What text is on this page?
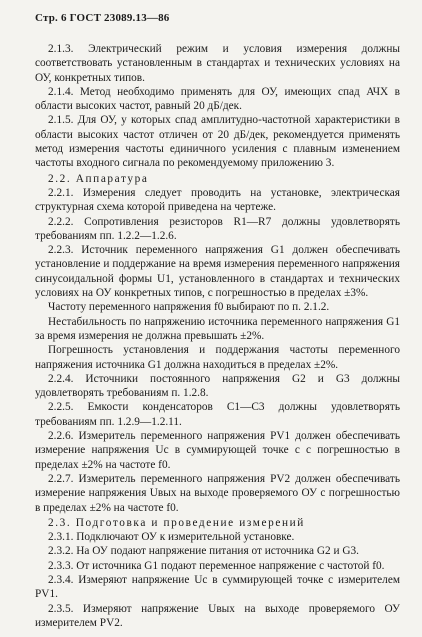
Стр. 6 ГОСТ 23089.13—86

2.1.3. Электрический режим и условия измерения должны соответствовать установленным в стандартах и технических условиях на ОУ, конкретных типов.

2.1.4. Метод необходимо применять для ОУ, имеющих спад АЧХ в области высоких частот, равный 20 дБ/дек.

2.1.5. Для ОУ, у которых спад амплитудно-частотной характеристики в области высоких частот отличен от 20 дБ/дек, рекомендуется применять метод измерения частоты единичного усиления с плавным изменением частоты входного сигнала по рекомендуемому приложению 3.

2.2. Аппаратура

2.2.1. Измерения следует проводить на установке, электрическая структурная схема которой приведена на чертеже.

2.2.2. Сопротивления резисторов R1—R7 должны удовлетворять требованиям пп. 1.2.2—1.2.6.

2.2.3. Источник переменного напряжения G1 должен обеспечивать установление и поддержание на время измерения переменного напряжения синусоидальной формы U1, установленного в стандартах и технических условиях на ОУ конкретных типов, с погрешностью в пределах ±3%.

Частоту переменного напряжения f0 выбирают по п. 2.1.2.

Нестабильность по напряжению источника переменного напряжения G1 за время измерения не должна превышать ±2%.

Погрешность установления и поддержания частоты переменного напряжения источника G1 должна находиться в пределах ±2%.

2.2.4. Источники постоянного напряжения G2 и G3 должны удовлетворять требованиям п. 1.2.8.

2.2.5. Емкости конденсаторов C1—C3 должны удовлетворять требованиям пп. 1.2.9—1.2.11.

2.2.6. Измеритель переменного напряжения PV1 должен обеспечивать измерение напряжения Uc в суммирующей точке с с погрешностью в пределах ±2% на частоте f0.

2.2.7. Измеритель переменного напряжения PV2 должен обеспечивать измерение напряжения Uвых на выходе проверяемого ОУ с погрешностью в пределах ±2% на частоте f0.

2.3. Подготовка и проведение измерений

2.3.1. Подключают ОУ к измерительной установке.

2.3.2. На ОУ подают напряжение питания от источника G2 и G3.

2.3.3. От источника G1 подают переменное напряжение с частотой f0.

2.3.4. Измеряют напряжение Uc в суммирующей точке с измерителем PV1.

2.3.5. Измеряют напряжение Uвых на выходе проверяемого ОУ измерителем PV2.
